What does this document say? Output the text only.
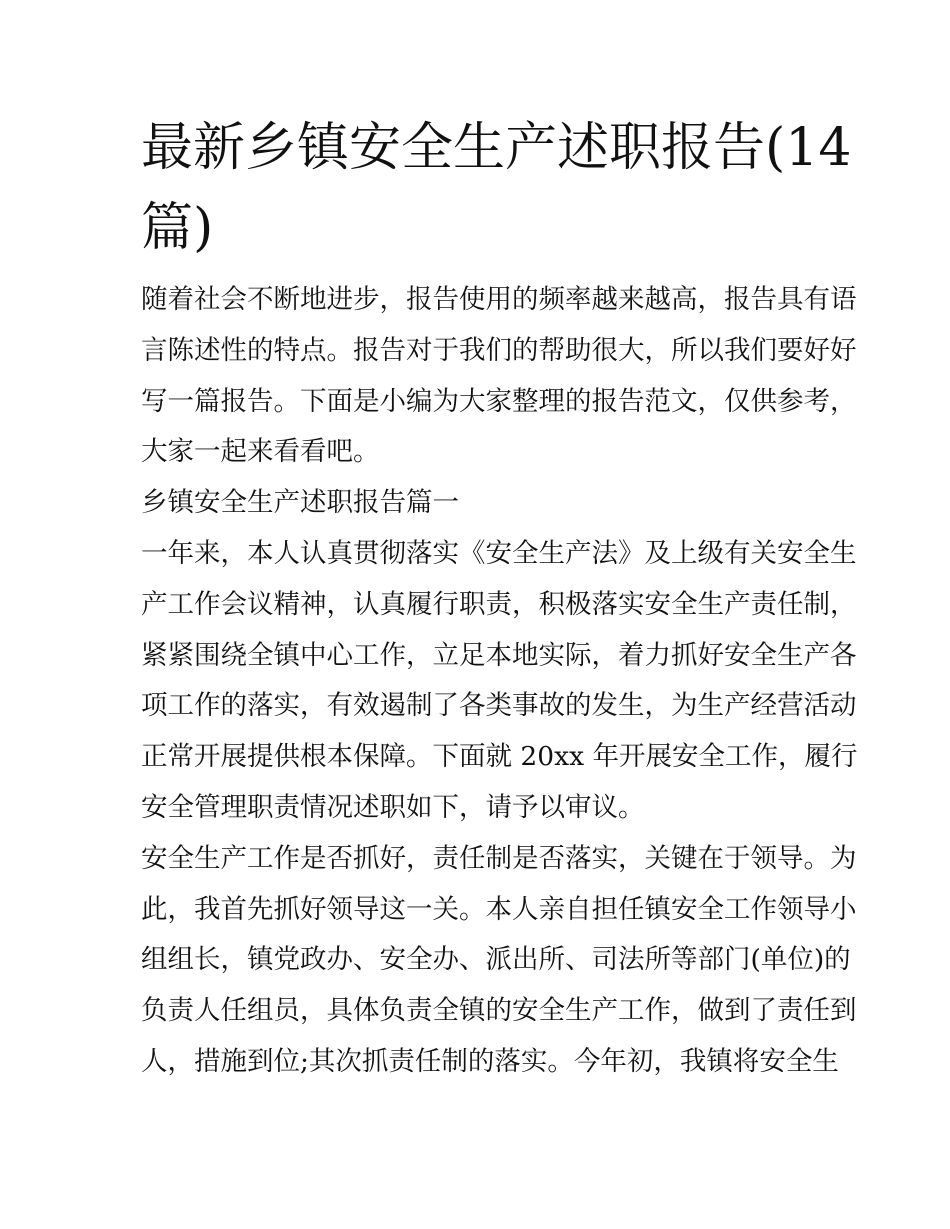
最新乡镇安全生产述职报告(14
篇)
随着社会不断地进步，报告使用的频率越来越高，报告具有语
言陈述性的特点。报告对于我们的帮助很大，所以我们要好好
写一篇报告。下面是小编为大家整理的报告范文，仅供参考，
大家一起来看看吧。
乡镇安全生产述职报告篇一
一年来，本人认真贯彻落实《安全生产法》及上级有关安全生
产工作会议精神，认真履行职责，积极落实安全生产责任制，
紧紧围绕全镇中心工作，立足本地实际，着力抓好安全生产各
项工作的落实，有效遏制了各类事故的发生，为生产经营活动
正常开展提供根本保障。下面就 20xx 年开展安全工作，履行
安全管理职责情况述职如下，请予以审议。
安全生产工作是否抓好，责任制是否落实，关键在于领导。为
此，我首先抓好领导这一关。本人亲自担任镇安全工作领导小
组组长，镇党政办、安全办、派出所、司法所等部门(单位)的
负责人任组员，具体负责全镇的安全生产工作，做到了责任到
人，措施到位;其次抓责任制的落实。今年初，我镇将安全生
